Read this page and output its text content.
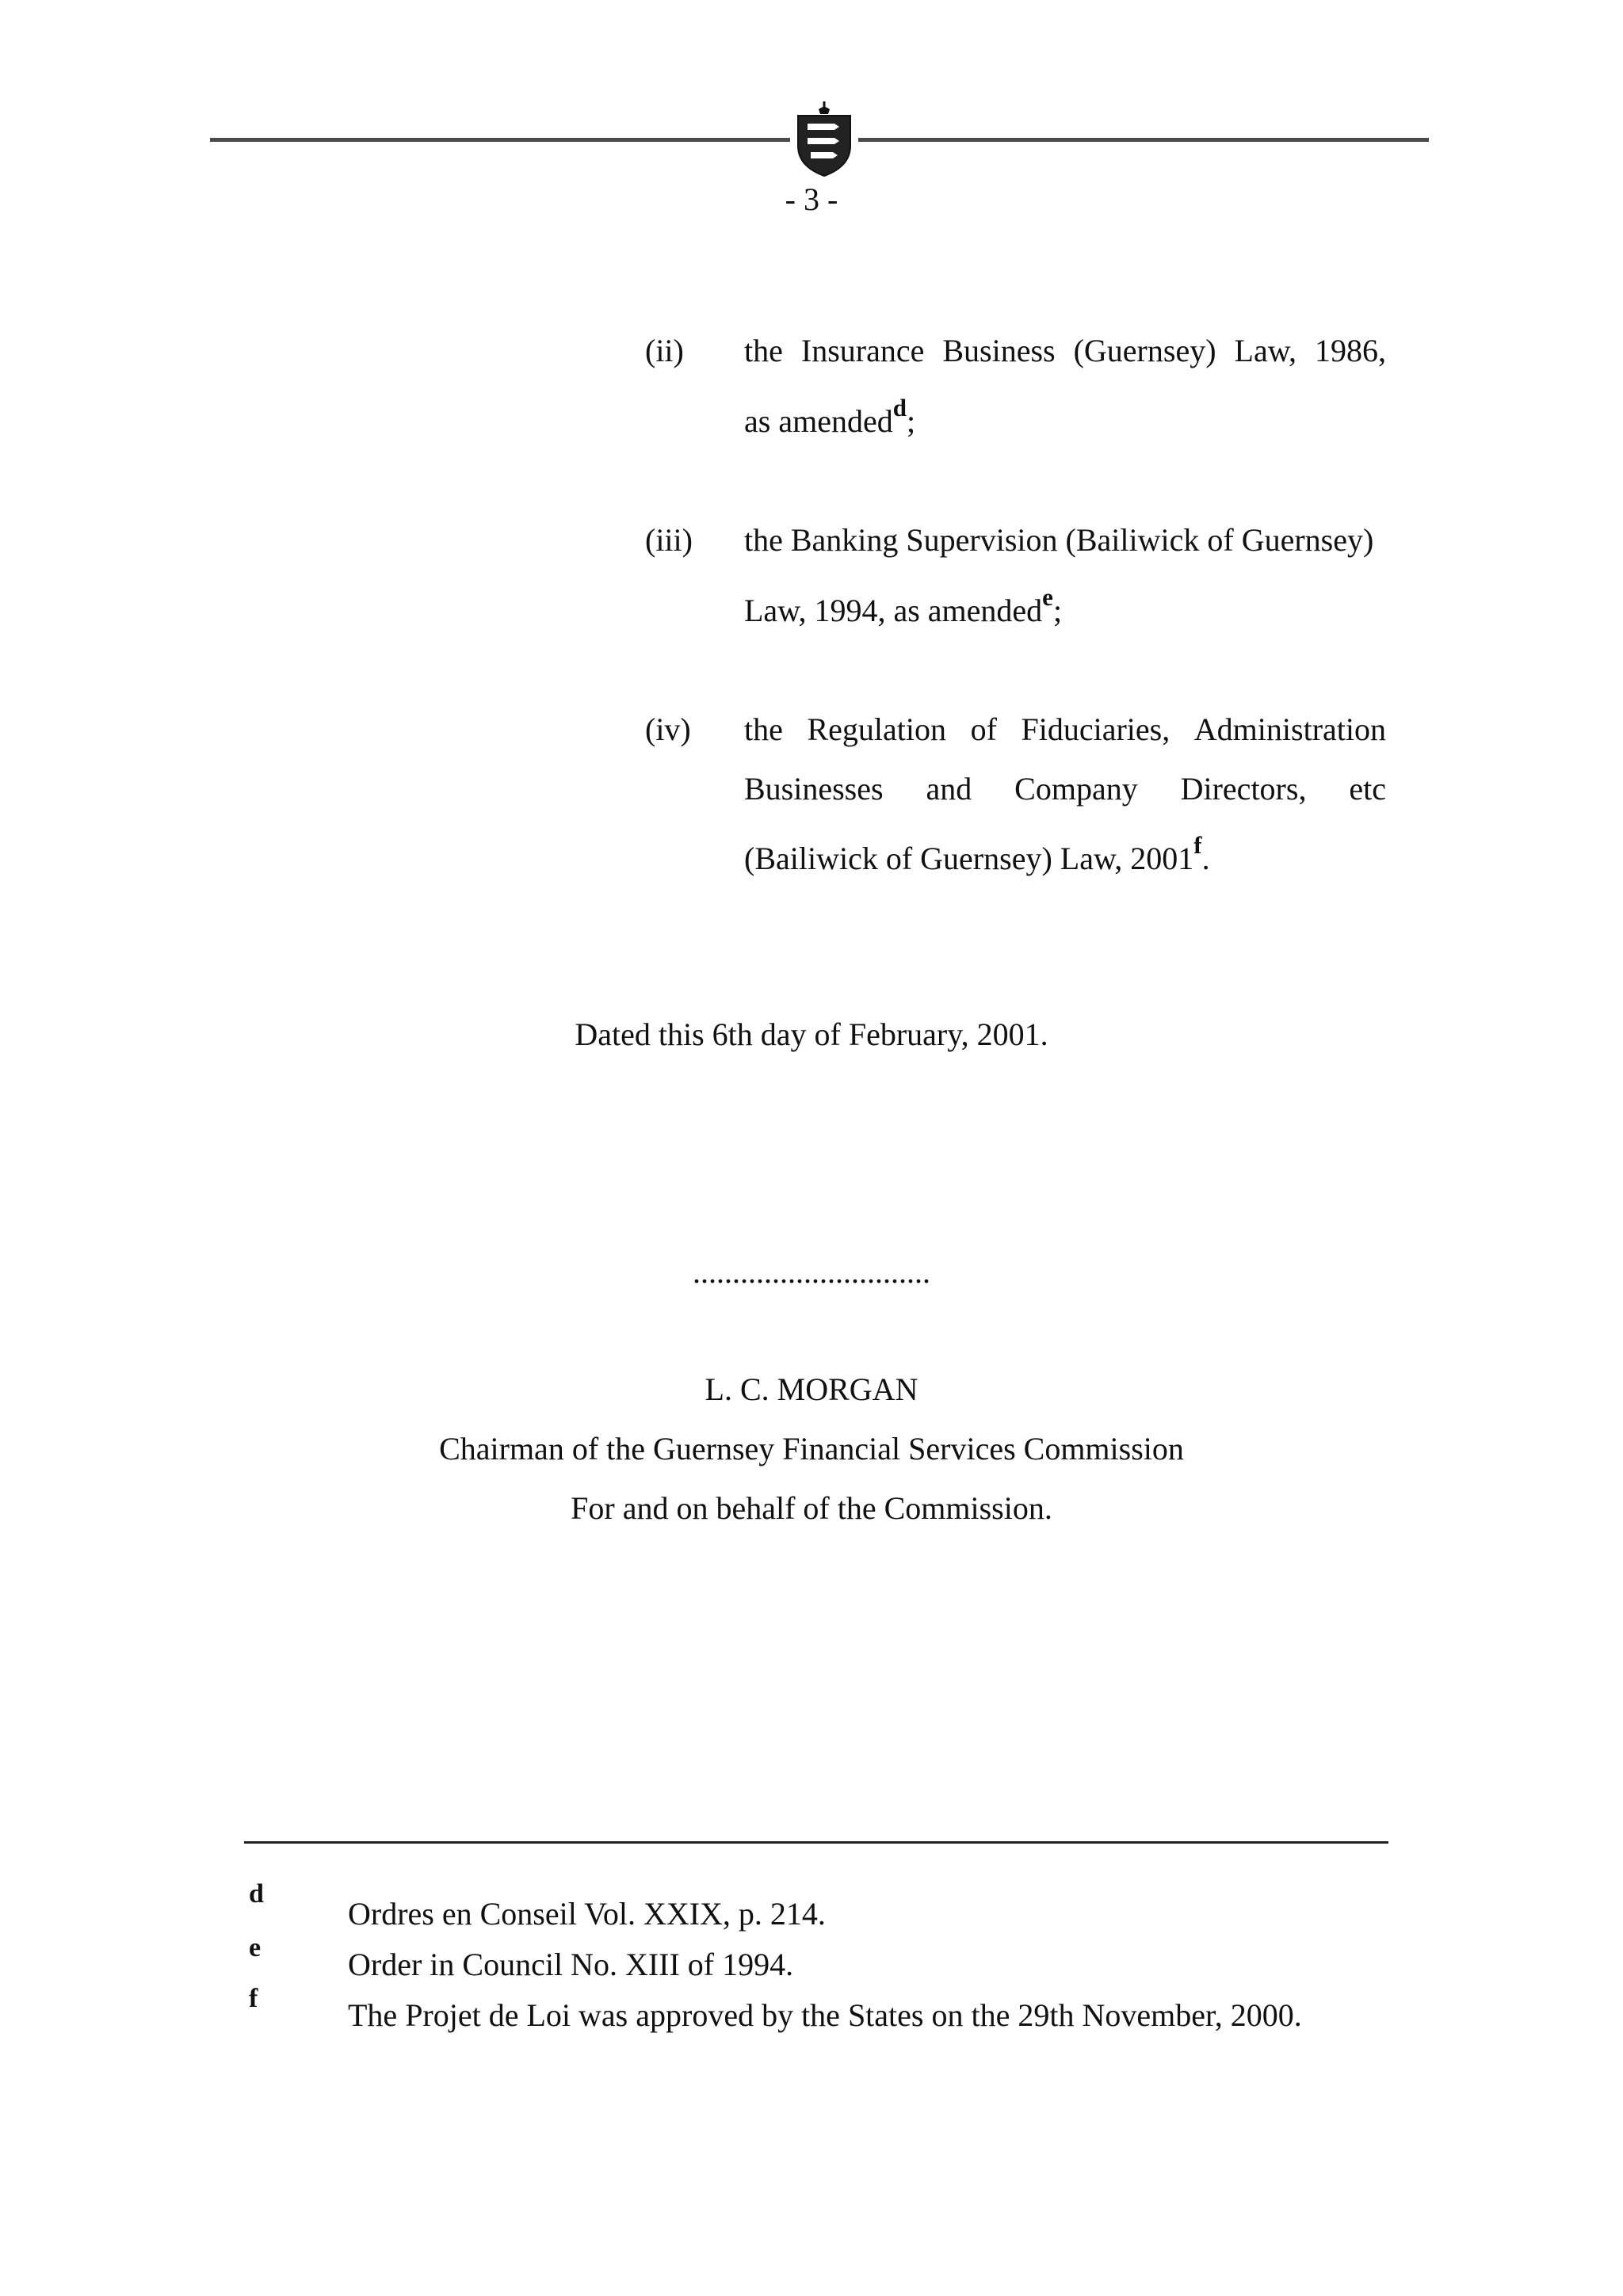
- 3 -
(ii) the Insurance Business (Guernsey) Law, 1986,
as amended$^d$;
(iii) the Banking Supervision (Bailiwick of Guernsey)
Law, 1994, as amended$^e$;
(iv) the Regulation of Fiduciaries, Administration
Businesses and Company Directors, etc
(Bailiwick of Guernsey) Law, 2001$^f$.
Dated this 6th day of February, 2001.
..............................
L. C. MORGAN
Chairman of the Guernsey Financial Services Commission
For and on behalf of the Commission.
d
Ordres en Conseil Vol. XXIX, p. 214.
e	Order in Council No. XIII of 1994.
f	The Projet de Loi was approved by the States on the 29th November, 2000.
